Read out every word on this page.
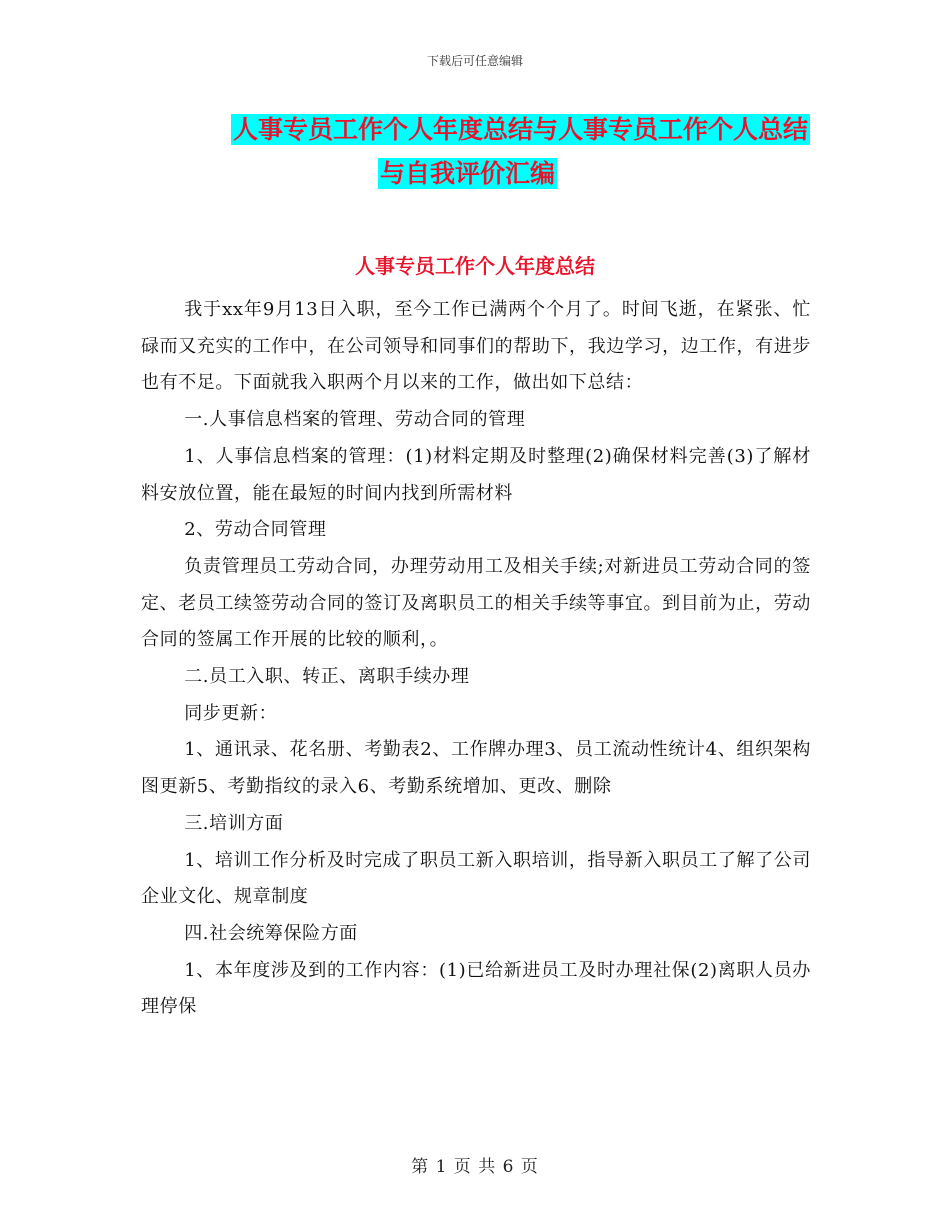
下载后可任意编辑
人事专员工作个人年度总结与人事专员工作个人总结
与自我评价汇编
人事专员工作个人年度总结

我于xx年9月13日入职，至今工作已满两个个月了。时间飞逝，在紧张、忙碌而又充实的工作中，在公司领导和同事们的帮助下，我边学习，边工作，有进步也有不足。下面就我入职两个月以来的工作，做出如下总结：

一.人事信息档案的管理、劳动合同的管理

1、人事信息档案的管理：(1)材料定期及时整理(2)确保材料完善(3)了解材料安放位置，能在最短的时间内找到所需材料

2、劳动合同管理

负责管理员工劳动合同，办理劳动用工及相关手续;对新进员工劳动合同的签定、老员工续签劳动合同的签订及离职员工的相关手续等事宜。到目前为止，劳动合同的签属工作开展的比较的顺利，。

二.员工入职、转正、离职手续办理

同步更新：

1、通讯录、花名册、考勤表2、工作牌办理3、员工流动性统计4、组织架构图更新5、考勤指纹的录入6、考勤系统增加、更改、删除

三.培训方面

1、培训工作分析及时完成了职员工新入职培训，指导新入职员工了解了公司企业文化、规章制度

四.社会统筹保险方面

1、本年度涉及到的工作内容：(1)已给新进员工及时办理社保(2)离职人员办理停保

第 1 页 共 6 页
